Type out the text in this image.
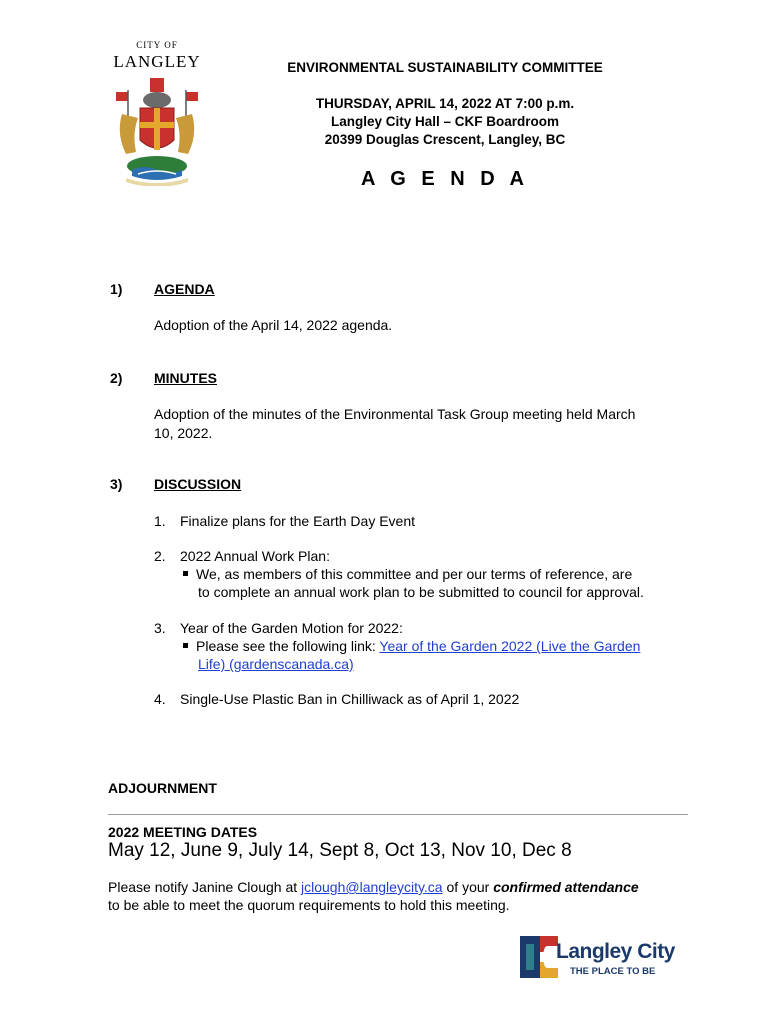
CITY OF
LANGLEY	ENVIRONMENTAL SUSTAINABILITY COMMITTEE
THURSDAY, APRIL 14, 2022 AT 7:00 p.m.
Langley City Hall – CKF Boardroom
20399 Douglas Crescent, Langley, BC
A G E N D A
1) AGENDA
Adoption of the April 14, 2022 agenda.
2) MINUTES
Adoption of the minutes of the Environmental Task Group meeting held March
10, 2022.
3) DISCUSSION
1. Finalize plans for the Earth Day Event
2. 2022 Annual Work Plan:
We, as members of this committee and per our terms of reference, are
to complete an annual work plan to be submitted to council for approval.
3. Year of the Garden Motion for 2022:
Please see the following link: Year of the Garden 2022 (Live the Garden
Life) (gardenscanada.ca)
4. Single-Use Plastic Ban in Chilliwack as of April 1, 2022
ADJOURNMENT
2022 MEETING DATES
May 12, June 9, July 14, Sept 8, Oct 13, Nov 10, Dec 8
Please notify Janine Clough at jclough@langleycity.ca of your confirmed attendance
to be able to meet the quorum requirements to hold this meeting.
Langley City
THE PLACE TO BE
